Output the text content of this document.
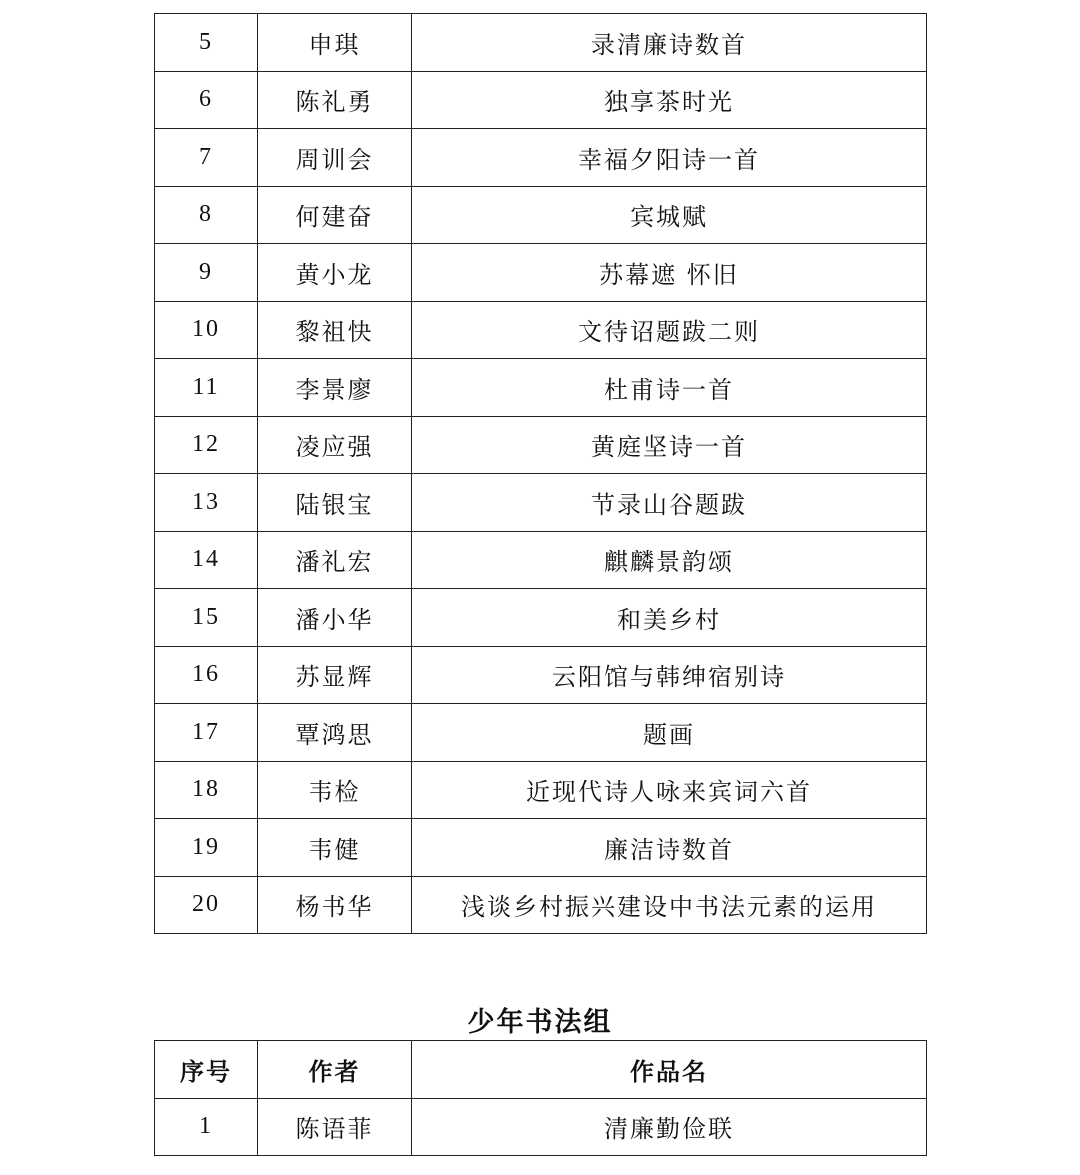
5	申琪	录清廉诗数首
6	陈礼勇	独享茶时光
7	周训会	幸福夕阳诗一首
8	何建奋	宾城赋
9	黄小龙	苏幕遮 怀旧
10	黎祖快	文待诏题跋二则
11	李景廖	杜甫诗一首
12	凌应强	黄庭坚诗一首
13	陆银宝	节录山谷题跋
14	潘礼宏	麒麟景韵颂
15	潘小华	和美乡村
16	苏显辉	云阳馆与韩绅宿别诗
17	覃鸿思	题画
18	韦检	近现代诗人咏来宾词六首
19	韦健	廉洁诗数首
20	杨书华	浅谈乡村振兴建设中书法元素的运用
少年书法组
序号	作者	作品名
1	陈语菲	清廉勤俭联
